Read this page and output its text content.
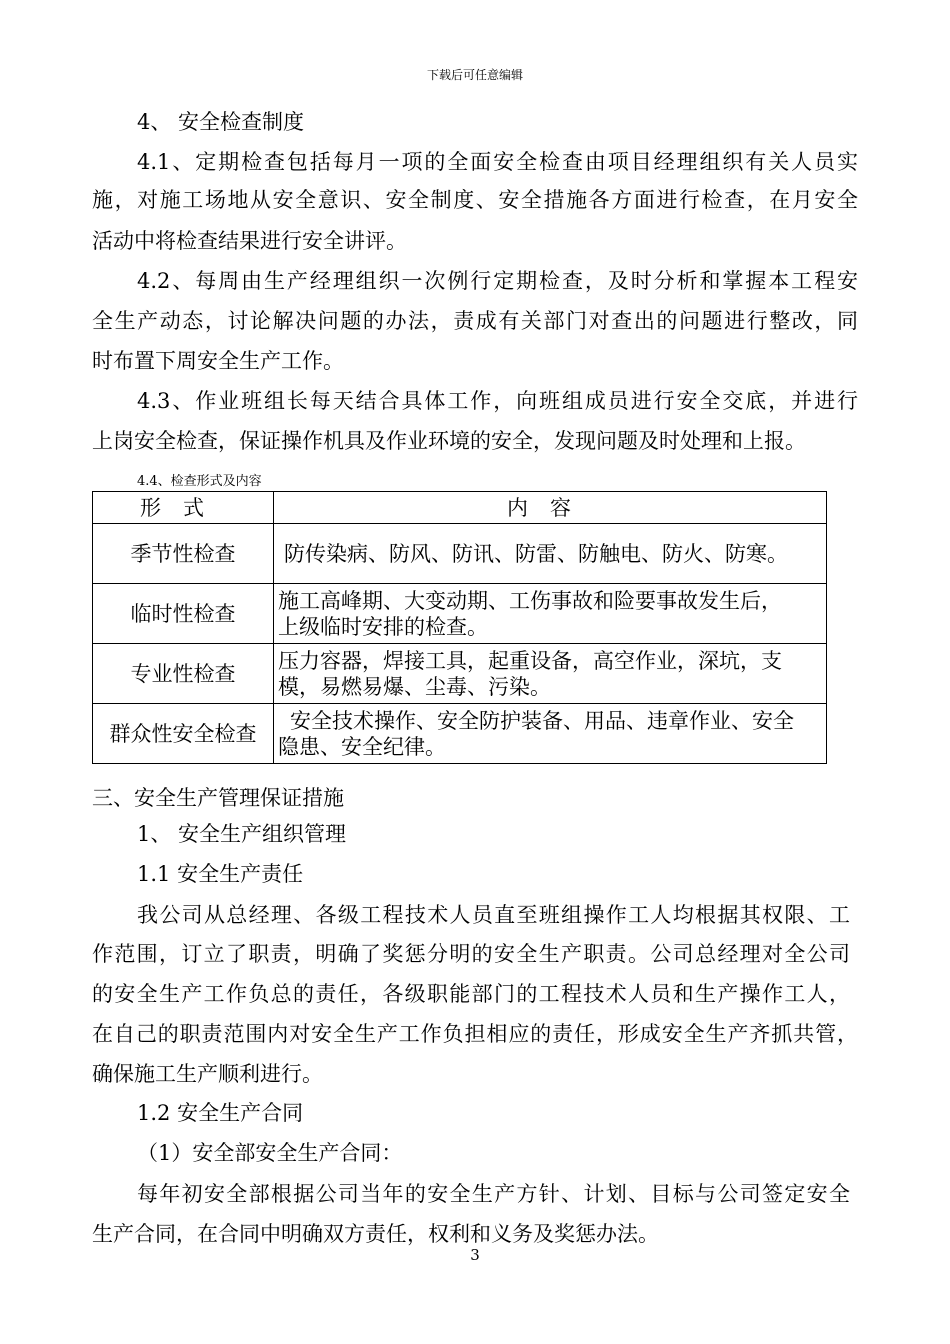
下载后可任意编辑
4、 安全检查制度
4.1、定期检查包括每月一项的全面安全检查由项目经理组织有关人员实
施，对施工场地从安全意识、安全制度、安全措施各方面进行检查，在月安全
活动中将检查结果进行安全讲评。
4.2、每周由生产经理组织一次例行定期检查，及时分析和掌握本工程安
全生产动态，讨论解决问题的办法，责成有关部门对查出的问题进行整改，同
时布置下周安全生产工作。
4.3、作业班组长每天结合具体工作，向班组成员进行安全交底，并进行
上岗安全检查，保证操作机具及作业环境的安全，发现问题及时处理和上报。
4.4、检查形式及内容
形式	内容
季节性检查	防传染病、防风、防讯、防雷、防触电、防火、防寒。
临时性检查	施工高峰期、大变动期、工伤事故和险要事故发生后，
上级临时安排的检查。
专业性检查	压力容器，焊接工具，起重设备，高空作业，深坑，支
模，易燃易爆、尘毒、污染。
群众性安全检查	安全技术操作、安全防护装备、用品、违章作业、安全
隐患、安全纪律。
三、安全生产管理保证措施
1、 安全生产组织管理
1.1 安全生产责任
我公司从总经理、各级工程技术人员直至班组操作工人均根据其权限、工
作范围，订立了职责，明确了奖惩分明的安全生产职责。公司总经理对全公司
的安全生产工作负总的责任，各级职能部门的工程技术人员和生产操作工人，
在自己的职责范围内对安全生产工作负担相应的责任，形成安全生产齐抓共管，
确保施工生产顺利进行。
1.2 安全生产合同
（1）安全部安全生产合同：
每年初安全部根据公司当年的安全生产方针、计划、目标与公司签定安全
生产合同，在合同中明确双方责任，权利和义务及奖惩办法。
3
